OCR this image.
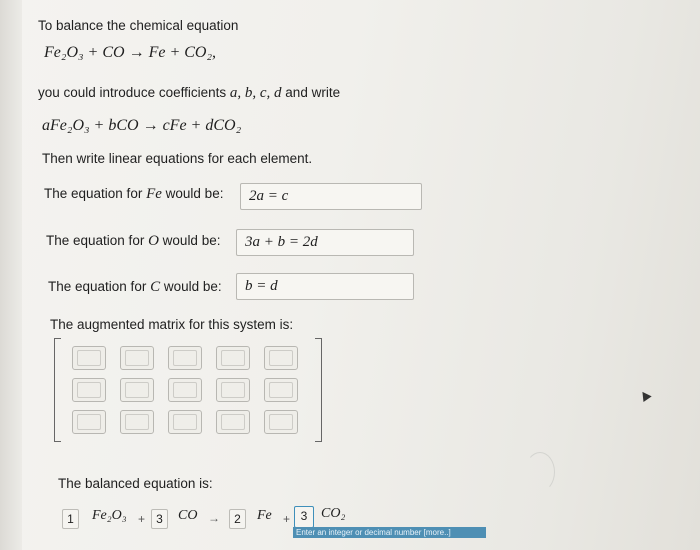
To balance the chemical equation
Fe₂O₃ + CO → Fe + CO₂,
you could introduce coefficients a, b, c, d and write
aFe₂O₃ + bCO → cFe + dCO₂
Then write linear equations for each element.
The equation for Fe would be:	2a = c
The equation for O would be:	3a + b = 2d
The equation for C would be:	b = d
The augmented matrix for this system is:
The balanced equation is:
1	Fe₂O₃ + 3	CO →	2	Fe + 3 CO₂
Enter an integer or decimal number [more..]
